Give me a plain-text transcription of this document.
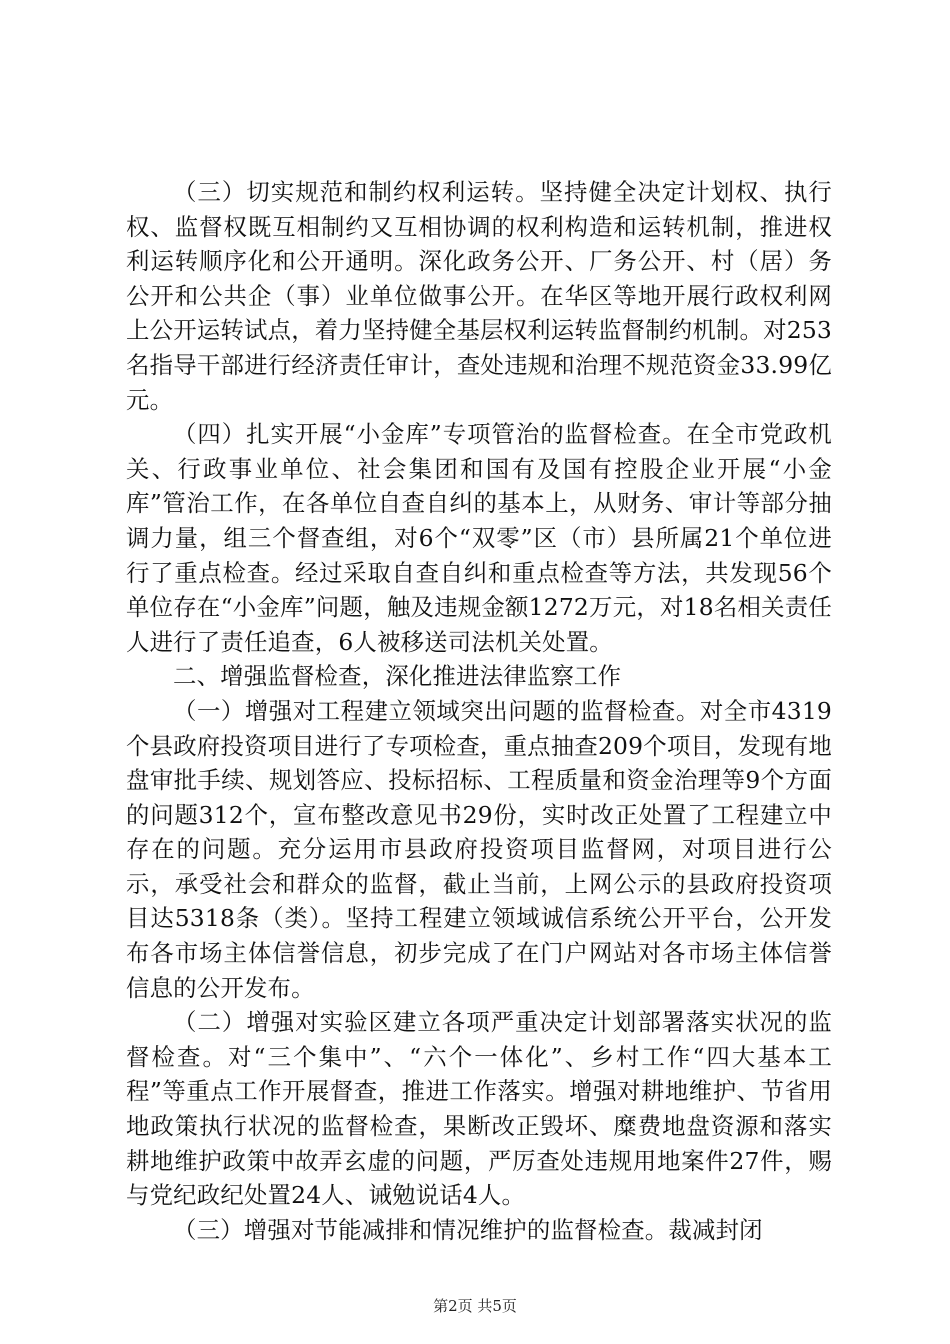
（三）切实规范和制约权利运转。坚持健全决定计划权、执行权、监督权既互相制约又互相协调的权利构造和运转机制，推进权利运转顺序化和公开通明。深化政务公开、厂务公开、村（居）务公开和公共企（事）业单位做事公开。在华区等地开展行政权利网上公开运转试点，着力坚持健全基层权利运转监督制约机制。对253名指导干部进行经济责任审计，查处违规和治理不规范资金33.99亿元。

（四）扎实开展“小金库”专项管治的监督检查。在全市党政机关、行政事业单位、社会集团和国有及国有控股企业开展“小金库”管治工作，在各单位自查自纠的基本上，从财务、审计等部分抽调力量，组三个督查组，对6个“双零”区（市）县所属21个单位进行了重点检查。经过采取自查自纠和重点检查等方法，共发现56个单位存在“小金库”问题，触及违规金额1272万元，对18名相关责任人进行了责任追查，6人被移送司法机关处置。

二、增强监督检查，深化推进法律监察工作

（一）增强对工程建立领域突出问题的监督检查。对全市4319个县政府投资项目进行了专项检查，重点抽查209个项目，发现有地盘审批手续、规划答应、投标招标、工程质量和资金治理等9个方面的问题312个，宣布整改意见书29份，实时改正处置了工程建立中存在的问题。充分运用市县政府投资项目监督网，对项目进行公示，承受社会和群众的监督，截止当前，上网公示的县政府投资项目达5318条（类）。坚持工程建立领域诚信系统公开平台，公开发布各市场主体信誉信息，初步完成了在门户网站对各市场主体信誉信息的公开发布。

（二）增强对实验区建立各项严重决定计划部署落实状况的监督检查。对“三个集中”、“六个一体化”、乡村工作“四大基本工程”等重点工作开展督查，推进工作落实。增强对耕地维护、节省用地政策执行状况的监督检查，果断改正毁坏、糜费地盘资源和落实耕地维护政策中故弄玄虚的问题，严厉查处违规用地案件27件，赐与党纪政纪处置24人、诫勉说话4人。

（三）增强对节能减排和情况维护的监督检查。裁减封闭

第2页 共5页
